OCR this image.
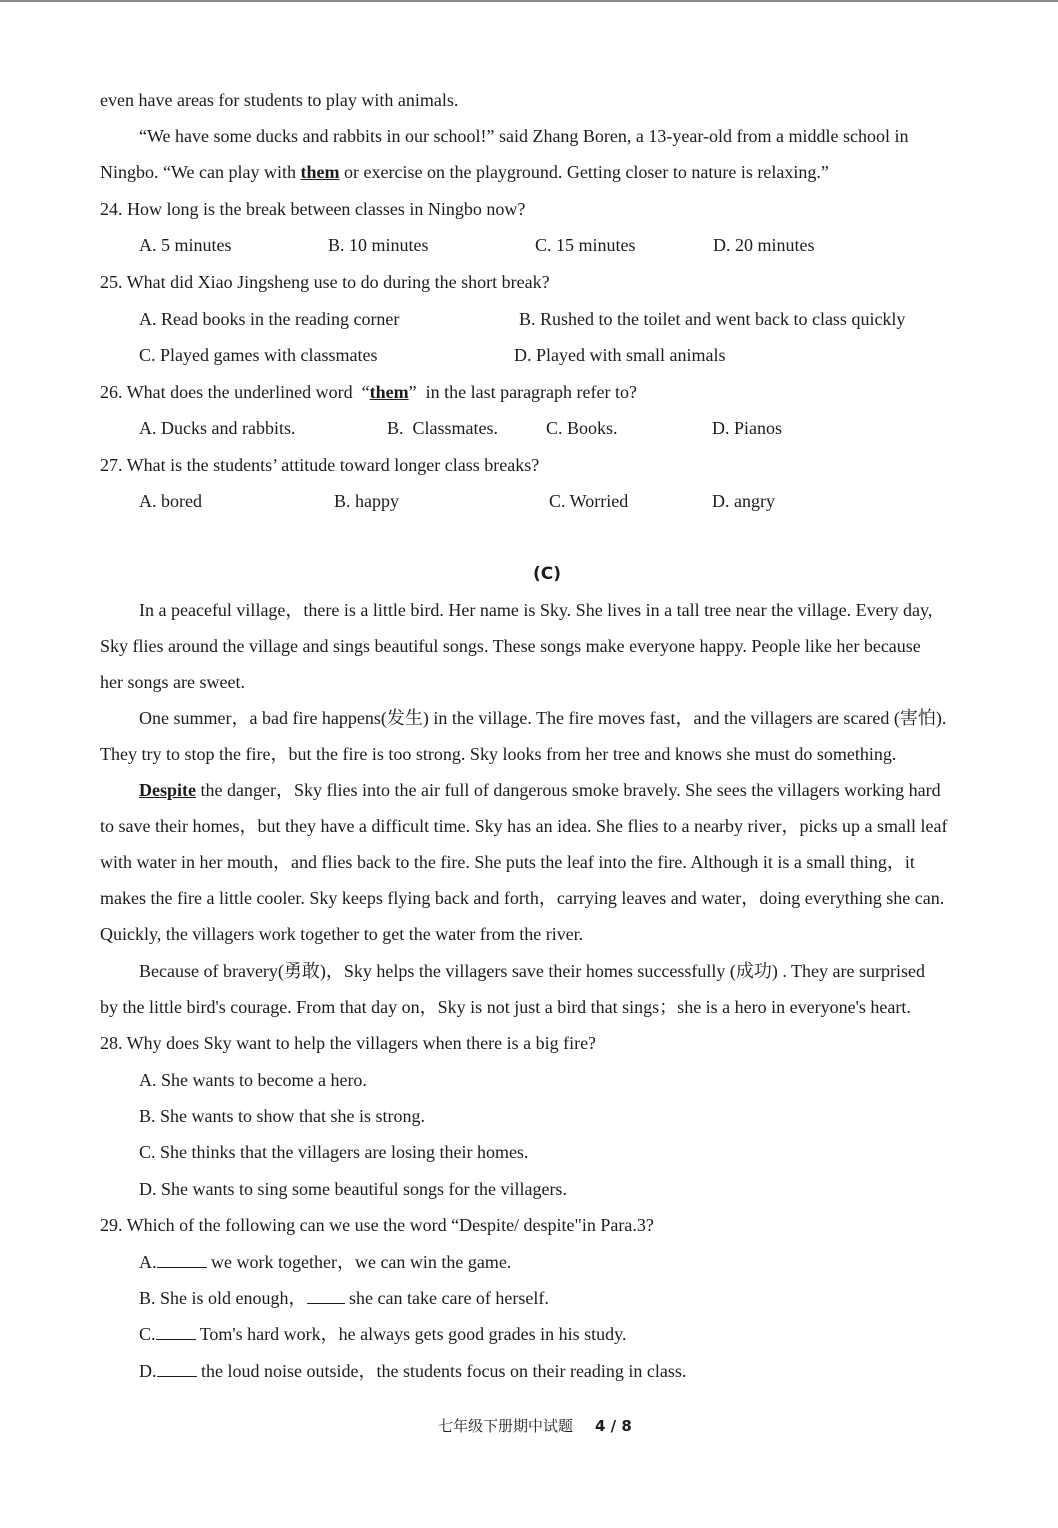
even have areas for students to play with animals.
“We have some ducks and rabbits in our school!” said Zhang Boren, a 13-year-old from a middle school in
Ningbo. “We can play with them or exercise on the playground. Getting closer to nature is relaxing.”
24. How long is the break between classes in Ningbo now?
A. 5 minutes	B. 10 minutes	C. 15 minutes	D. 20 minutes
25. What did Xiao Jingsheng use to do during the short break?
A. Read books in the reading corner	B. Rushed to the toilet and went back to class quickly
C. Played games with classmates	D. Played with small animals
26. What does the underlined word  “them”  in the last paragraph refer to?
A. Ducks and rabbits.	B.  Classmates.	C. Books.	D. Pianos
27. What is the students’ attitude toward longer class breaks?
A. bored	B. happy	C. Worried	D. angry
(C)
In a peaceful village，there is a little bird. Her name is Sky. She lives in a tall tree near the village. Every day,
Sky flies around the village and sings beautiful songs. These songs make everyone happy. People like her because
her songs are sweet.
One summer，a bad fire happens(发生) in the village. The fire moves fast，and the villagers are scared (害怕).
They try to stop the fire，but the fire is too strong. Sky looks from her tree and knows she must do something.
Despite the danger，Sky flies into the air full of dangerous smoke bravely. She sees the villagers working hard
to save their homes，but they have a difficult time. Sky has an idea. She flies to a nearby river，picks up a small leaf
with water in her mouth，and flies back to the fire. She puts the leaf into the fire. Although it is a small thing，it
makes the fire a little cooler. Sky keeps flying back and forth，carrying leaves and water，doing everything she can.
Quickly, the villagers work together to get the water from the river.
Because of bravery(勇敢)，Sky helps the villagers save their homes successfully (成功) . They are surprised
by the little bird's courage. From that day on，Sky is not just a bird that sings；she is a hero in everyone's heart.
28. Why does Sky want to help the villagers when there is a big fire?
A. She wants to become a hero.
B. She wants to show that she is strong.
C. She thinks that the villagers are losing their homes.
D. She wants to sing some beautiful songs for the villagers.
29. Which of the following can we use the word “Despite/ despite"in Para.3?
A.	we work together，we can win the game.
B. She is old enough， she can take care of herself.
C. Tom's hard work，he always gets good grades in his study.
D. the loud noise outside，the students focus on their reading in class.
七年级下册期中试题 4 / 8
